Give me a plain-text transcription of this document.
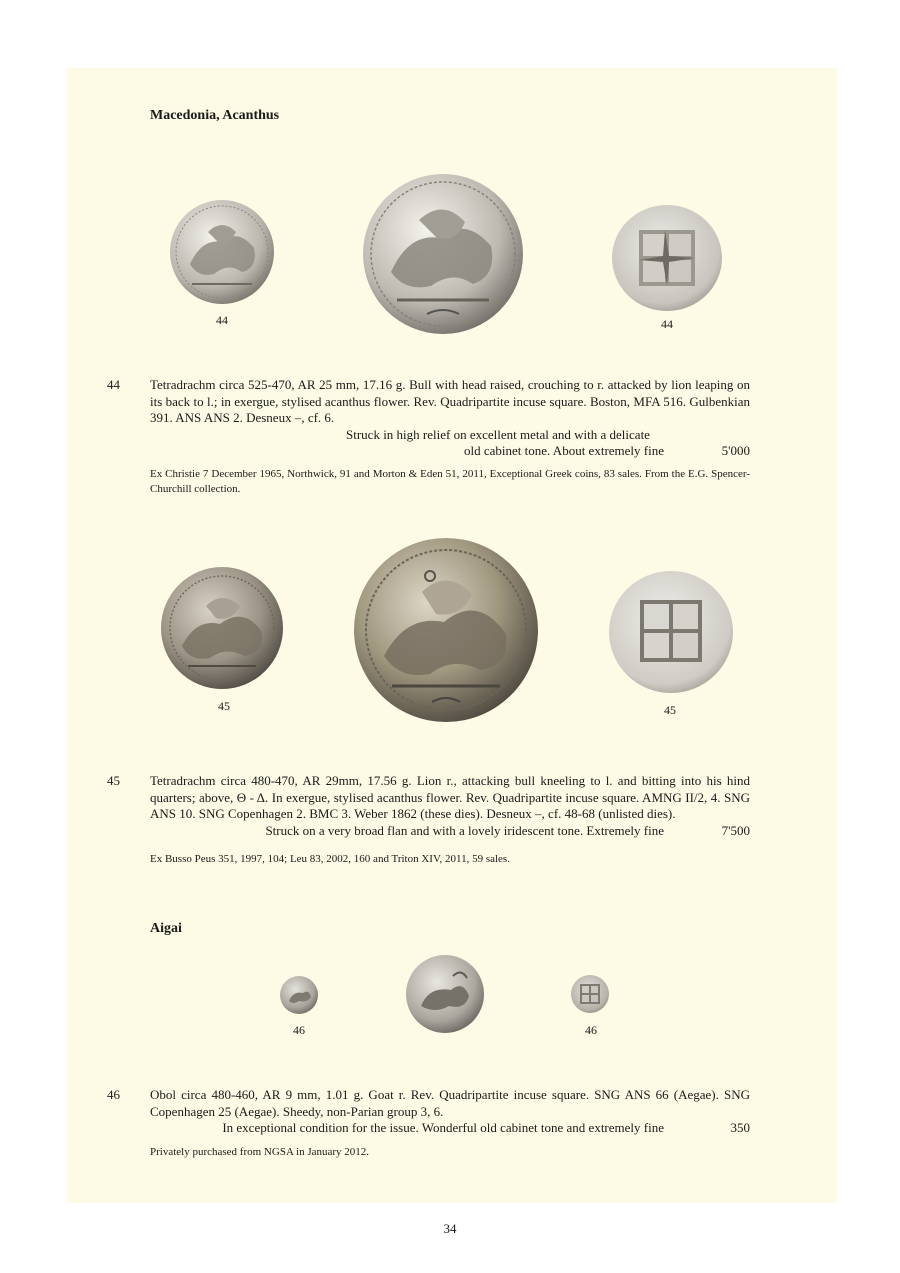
Macedonia, Acanthus
44	44
44 Tetradrachm circa 525-470, AR 25 mm, 17.16 g. Bull with head raised, crouching to r. attacked by lion leaping on its back to l.; in exergue, stylised acanthus flower. Rev. Quadripartite incuse square. Boston, MFA 516. Gulbenkian 391. ANS ANS 2. Desneux –, cf. 6.

Struck in high relief on excellent metal and with a delicate

old cabinet tone. About extremely fine	5'000
Ex Christie 7 December 1965, Northwick, 91 and Morton & Eden 51, 2011, Exceptional Greek coins, 83 sales. From the E.G. Spencer-Churchill collection.
45	45
45 Tetradrachm circa 480-470, AR 29mm, 17.56 g. Lion r., attacking bull kneeling to l. and bitting into his hind quarters; above, Θ - Δ. In exergue, stylised acanthus flower. Rev. Quadripartite incuse square. AMNG II/2, 4. SNG ANS 10. SNG Copenhagen 2. BMC 3. Weber 1862 (these dies). Desneux –, cf. 48-68 (unlisted dies).

Struck on a very broad flan and with a lovely iridescent tone. Extremely fine	7'500
Ex Busso Peus 351, 1997, 104; Leu 83, 2002, 160 and Triton XIV, 2011, 59 sales.
Aigai
46	46
46 Obol circa 480-460, AR 9 mm, 1.01 g. Goat r. Rev. Quadripartite incuse square. SNG ANS 66 (Aegae). SNG Copenhagen 25 (Aegae). Sheedy, non-Parian group 3, 6.

In exceptional condition for the issue. Wonderful old cabinet tone and extremely fine	350
Privately purchased from NGSA in January 2012.
34
